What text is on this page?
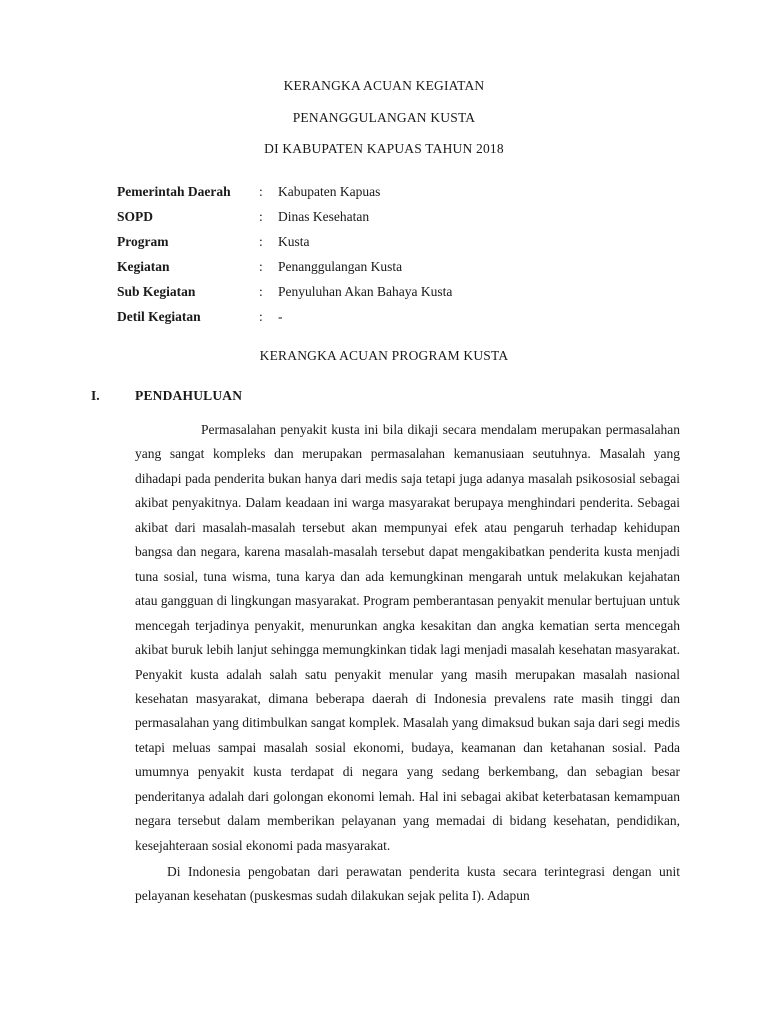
KERANGKA ACUAN KEGIATAN
PENANGGULANGAN KUSTA
DI KABUPATEN KAPUAS TAHUN 2018
Pemerintah Daerah : Kabupaten Kapuas
SOPD	: Dinas Kesehatan
Program	: Kusta
Kegiatan	: Penanggulangan Kusta
Sub Kegiatan	: Penyuluhan Akan Bahaya Kusta
Detil Kegiatan	: -
KERANGKA ACUAN PROGRAM KUSTA
I.	PENDAHULUAN

Permasalahan penyakit kusta ini bila dikaji secara mendalam merupakan permasalahan yang sangat kompleks dan merupakan permasalahan kemanusiaan seutuhnya. Masalah yang dihadapi pada penderita bukan hanya dari medis saja tetapi juga adanya masalah psikososial sebagai akibat penyakitnya. Dalam keadaan ini warga masyarakat berupaya menghindari penderita. Sebagai akibat dari masalah-masalah tersebut akan mempunyai efek atau pengaruh terhadap kehidupan bangsa dan negara, karena masalah-masalah tersebut dapat mengakibatkan penderita kusta menjadi tuna sosial, tuna wisma, tuna karya dan ada kemungkinan mengarah untuk melakukan kejahatan atau gangguan di lingkungan masyarakat. Program pemberantasan penyakit menular bertujuan untuk mencegah terjadinya penyakit, menurunkan angka kesakitan dan angka kematian serta mencegah akibat buruk lebih lanjut sehingga memungkinkan tidak lagi menjadi masalah kesehatan masyarakat. Penyakit kusta adalah salah satu penyakit menular yang masih merupakan masalah nasional kesehatan masyarakat, dimana beberapa daerah di Indonesia prevalens rate masih tinggi dan permasalahan yang ditimbulkan sangat komplek. Masalah yang dimaksud bukan saja dari segi medis tetapi meluas sampai masalah sosial ekonomi, budaya, keamanan dan ketahanan sosial. Pada umumnya penyakit kusta terdapat di negara yang sedang berkembang, dan sebagian besar penderitanya adalah dari golongan ekonomi lemah. Hal ini sebagai akibat keterbatasan kemampuan negara tersebut dalam memberikan pelayanan yang memadai di bidang kesehatan, pendidikan, kesejahteraan sosial ekonomi pada masyarakat.

Di Indonesia pengobatan dari perawatan penderita kusta secara terintegrasi dengan unit pelayanan kesehatan (puskesmas sudah dilakukan sejak pelita I). Adapun
